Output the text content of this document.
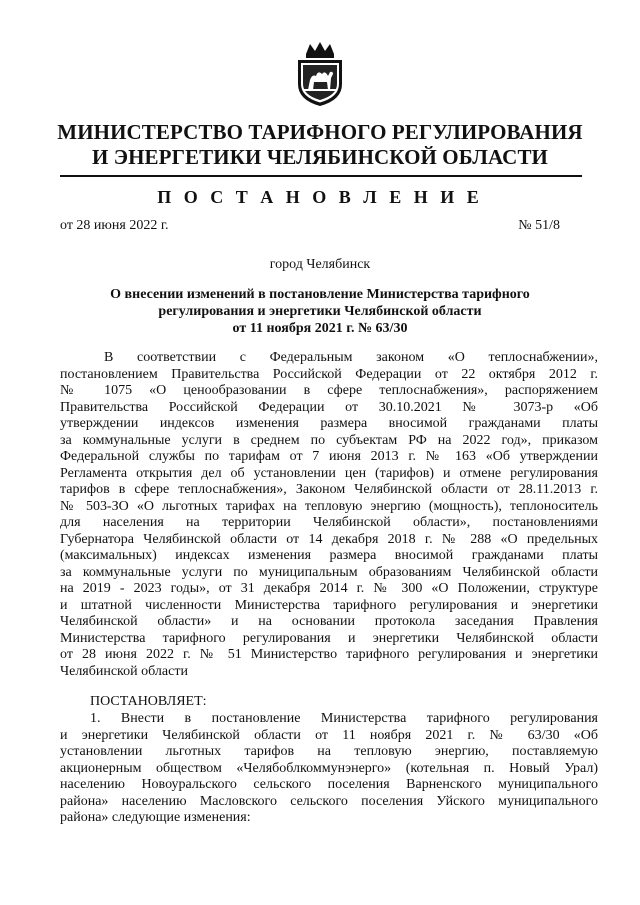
МИНИСТЕРСТВО ТАРИФНОГО РЕГУЛИРОВАНИЯ
И ЭНЕРГЕТИКИ ЧЕЛЯБИНСКОЙ ОБЛАСТИ
П О С Т А Н О В Л Е Н И Е
от 28 июня 2022 г.	№ 51/8
город Челябинск
О внесении изменений в постановление Министерства тарифного
регулирования и энергетики Челябинской области
от 11 ноября 2021 г. № 63/30
В соответствии с Федеральным законом «О теплоснабжении»,
постановлением Правительства Российской Федерации от 22 октября 2012 г.
№ 1075 «О ценообразовании в сфере теплоснабжения», распоряжением
Правительства Российской Федерации от 30.10.2021 № 3073-р «Об
утверждении индексов изменения размера вносимой гражданами платы
за коммунальные услуги в среднем по субъектам РФ на 2022 год», приказом
Федеральной службы по тарифам от 7 июня 2013 г. № 163 «Об утверждении
Регламента открытия дел об установлении цен (тарифов) и отмене регулирования
тарифов в сфере теплоснабжения», Законом Челябинской области от 28.11.2013 г.
№ 503-ЗО «О льготных тарифах на тепловую энергию (мощность), теплоноситель
для населения на территории Челябинской области», постановлениями
Губернатора Челябинской области от 14 декабря 2018 г. № 288 «О предельных
(максимальных) индексах изменения размера вносимой гражданами платы
за коммунальные услуги по муниципальным образованиям Челябинской области
на 2019 - 2023 годы», от 31 декабря 2014 г. № 300 «О Положении, структуре
и штатной численности Министерства тарифного регулирования и энергетики
Челябинской области» и на основании протокола заседания Правления
Министерства тарифного регулирования и энергетики Челябинской области
от 28 июня 2022 г. № 51 Министерство тарифного регулирования и энергетики
Челябинской области
ПОСТАНОВЛЯЕТ:
1. Внести в постановление Министерства тарифного регулирования
и энергетики Челябинской области от 11 ноября 2021 г. № 63/30 «Об
установлении льготных тарифов на тепловую энергию, поставляемую
акционерным обществом «Челябоблкоммунэнерго» (котельная п. Новый Урал)
населению Новоуральского сельского поселения Варненского муниципального
района» населению Масловского сельского поселения Уйского муниципального
района» следующие изменения:
